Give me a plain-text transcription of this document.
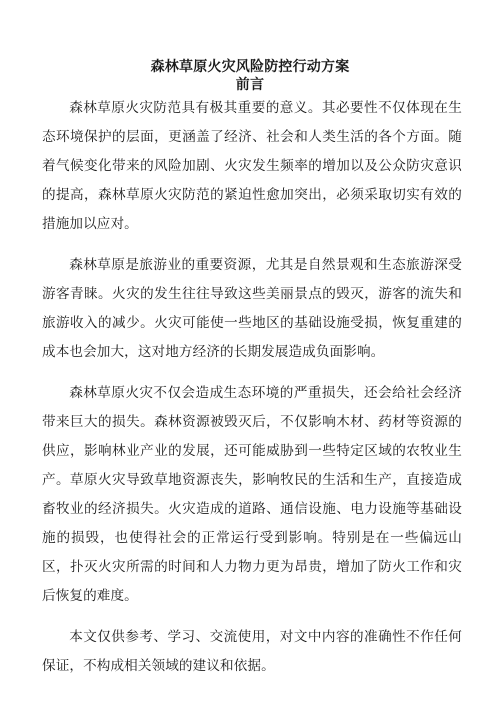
森林草原火灾风险防控行动方案
前言

森林草原火灾防范具有极其重要的意义。其必要性不仅体现在生态环境保护的层面，更涵盖了经济、社会和人类生活的各个方面。随着气候变化带来的风险加剧、火灾发生频率的增加以及公众防灾意识的提高，森林草原火灾防范的紧迫性愈加突出，必须采取切实有效的措施加以应对。

森林草原是旅游业的重要资源，尤其是自然景观和生态旅游深受游客青睐。火灾的发生往往导致这些美丽景点的毁灭，游客的流失和旅游收入的减少。火灾可能使一些地区的基础设施受损，恢复重建的成本也会加大，这对地方经济的长期发展造成负面影响。

森林草原火灾不仅会造成生态环境的严重损失，还会给社会经济带来巨大的损失。森林资源被毁灭后，不仅影响木材、药材等资源的供应，影响林业产业的发展，还可能威胁到一些特定区域的农牧业生产。草原火灾导致草地资源丧失，影响牧民的生活和生产，直接造成畜牧业的经济损失。火灾造成的道路、通信设施、电力设施等基础设施的损毁，也使得社会的正常运行受到影响。特别是在一些偏远山区，扑灭火灾所需的时间和人力物力更为昂贵，增加了防火工作和灾后恢复的难度。

本文仅供参考、学习、交流使用，对文中内容的准确性不作任何保证，不构成相关领域的建议和依据。
